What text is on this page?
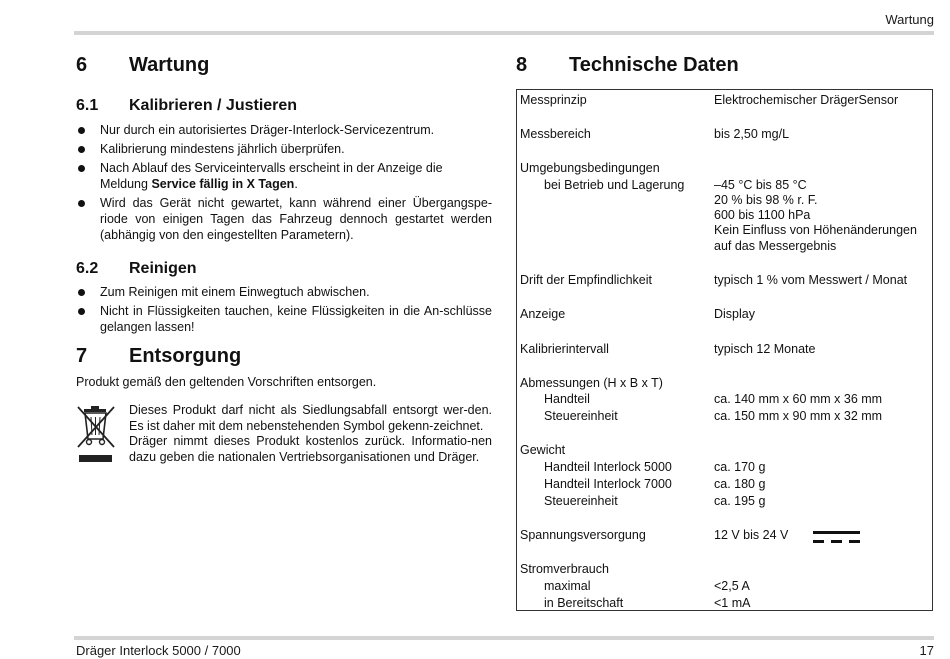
Wartung
6 Wartung
6.1 Kalibrieren / Justieren
Nur durch ein autorisiertes Dräger-Interlock-Servicezentrum.
Kalibrierung mindestens jährlich überprüfen.
Nach Ablauf des Serviceintervalls erscheint in der Anzeige die Meldung Service fällig in X Tagen.
Wird das Gerät nicht gewartet, kann während einer Übergangspe-riode von einigen Tagen das Fahrzeug dennoch gestartet werden (abhängig von den eingestellten Parametern).
6.2 Reinigen
Zum Reinigen mit einem Einwegtuch abwischen.
Nicht in Flüssigkeiten tauchen, keine Flüssigkeiten in die An-schlüsse gelangen lassen!
7 Entsorgung

Produkt gemäß den geltenden Vorschriften entsorgen.

Dieses Produkt darf nicht als Siedlungsabfall entsorgt wer-den. Es ist daher mit dem nebenstehenden Symbol gekenn-zeichnet.

Dräger nimmt dieses Produkt kostenlos zurück. Informatio-nen dazu geben die nationalen Vertriebsorganisationen und Dräger.

8 Technische Daten
Messprinzip	Elektrochemischer DrägerSensor
Messbereich	bis 2,50 mg/L
Umgebungsbedingungen
bei Betrieb und Lagerung –45 °C bis 85 °C
20 % bis 98 % r. F.
600 bis 1100 hPa
Kein Einfluss von Höhenänderungen
auf das Messergebnis
Drift der Empfindlichkeit	typisch 1 % vom Messwert / Monat
Anzeige	Display
Kalibrierintervall	typisch 12 Monate
Abmessungen (H x B x T)
Handteil	ca. 140 mm x 60 mm x 36 mm
Steuereinheit	ca. 150 mm x 90 mm x 32 mm
Gewicht
Handteil Interlock 5000	ca. 170 g
Handteil Interlock 7000	ca. 180 g
Steuereinheit	ca. 195 g
Spannungsversorgung	12 V bis 24 V
Stromverbrauch
maximal	<2,5 A
in Bereitschaft	<1 mA
Dräger Interlock 5000 / 7000	17
